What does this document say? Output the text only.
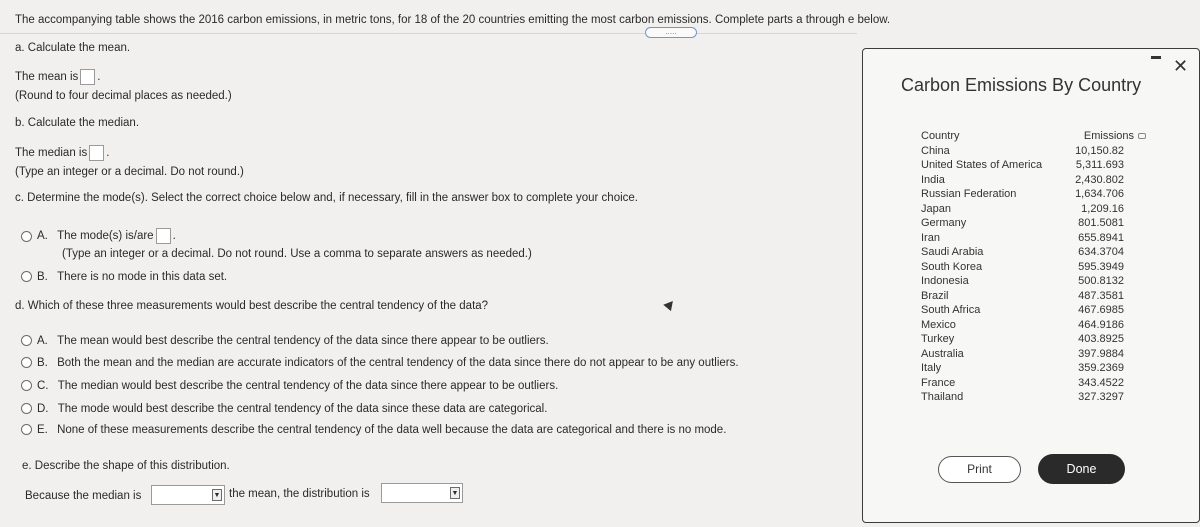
The accompanying table shows the 2016 carbon emissions, in metric tons, for 18 of the 20 countries emitting the most carbon emissions. Complete parts a through e below.
.....
a. Calculate the mean.
The mean is .
(Round to four decimal places as needed.)
b. Calculate the median.
The median is .
(Type an integer or a decimal. Do not round.)
c. Determine the mode(s). Select the correct choice below and, if necessary, fill in the answer box to complete your choice.
A. The mode(s) is/are .
(Type an integer or a decimal. Do not round. Use a comma to separate answers as needed.)
B. There is no mode in this data set.
d. Which of these three measurements would best describe the central tendency of the data?
A. The mean would best describe the central tendency of the data since there appear to be outliers.
B. Both the mean and the median are accurate indicators of the central tendency of the data since there do not appear to be any outliers.
C. The median would best describe the central tendency of the data since there appear to be outliers.
D. The mode would best describe the central tendency of the data since these data are categorical.
E. None of these measurements describe the central tendency of the data well because the data are categorical and there is no mode.
e. Describe the shape of this distribution.
Because the median is	▼ the mean, the distribution is	▼
✕
Carbon Emissions By Country
Country	Emissions
China	10,150.82
United States of America	5,311.693
India	2,430.802
Russian Federation	1,634.706
Japan	1,209.16
Germany	801.5081
Iran	655.8941
Saudi Arabia	634.3704
South Korea	595.3949
Indonesia	500.8132
Brazil	487.3581
South Africa	467.6985
Mexico	464.9186
Turkey	403.8925
Australia	397.9884
Italy	359.2369
France	343.4522
Thailand	327.3297
Print	Done
